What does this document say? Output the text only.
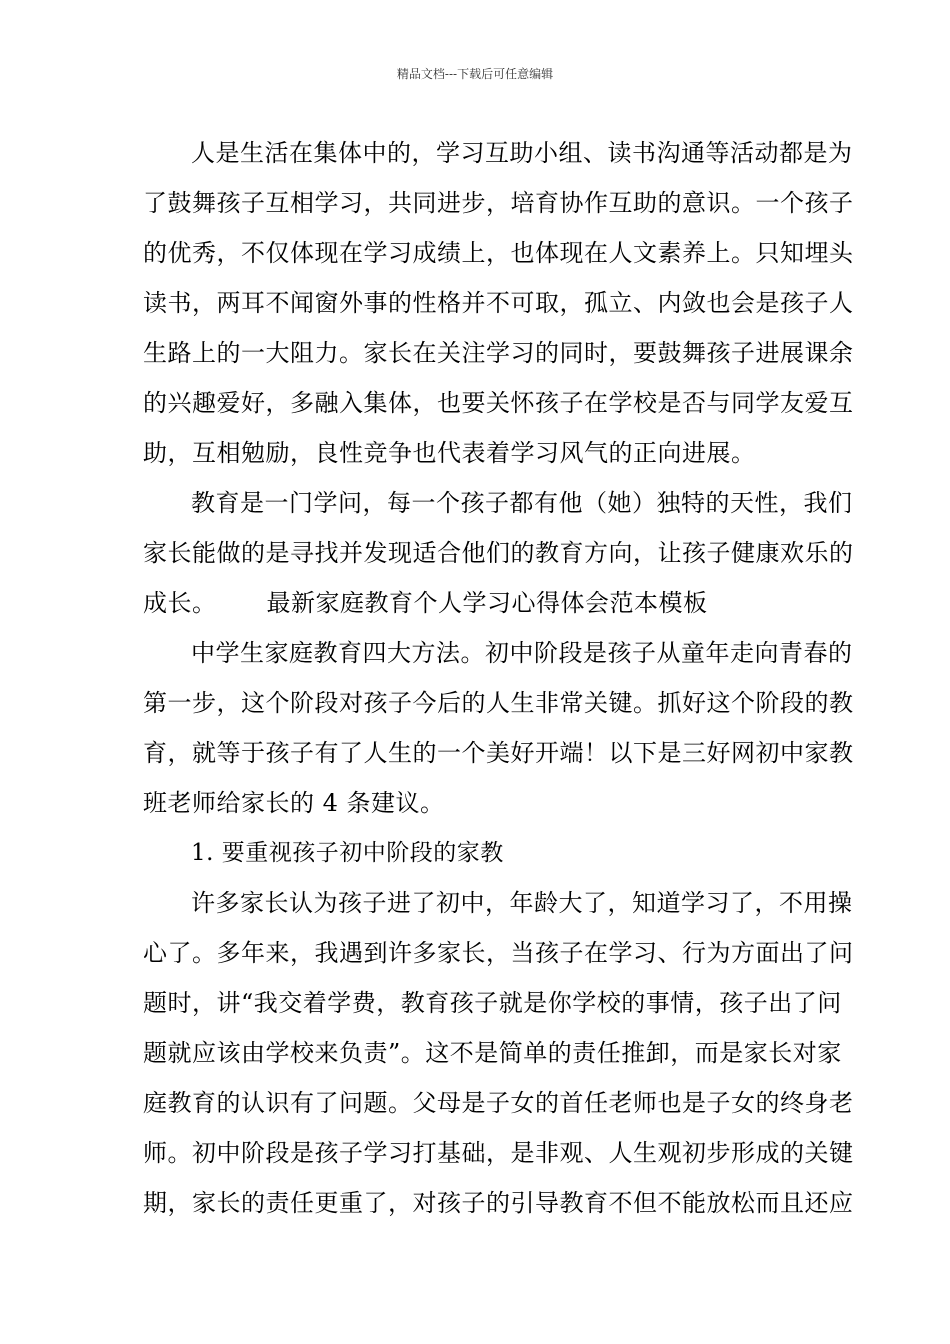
精品文档---下载后可任意编辑
人是生活在集体中的，学习互助小组、读书沟通等活动都是为
了鼓舞孩子互相学习，共同进步，培育协作互助的意识。一个孩子
的优秀，不仅体现在学习成绩上，也体现在人文素养上。只知埋头
读书，两耳不闻窗外事的性格并不可取，孤立、内敛也会是孩子人
生路上的一大阻力。家长在关注学习的同时，要鼓舞孩子进展课余
的兴趣爱好，多融入集体，也要关怀孩子在学校是否与同学友爱互
助，互相勉励，良性竞争也代表着学习风气的正向进展。
教育是一门学问，每一个孩子都有他（她）独特的天性，我们
家长能做的是寻找并发现适合他们的教育方向，让孩子健康欢乐的
成长。 最新家庭教育个人学习心得体会范本模板
中学生家庭教育四大方法。初中阶段是孩子从童年走向青春的
第一步，这个阶段对孩子今后的人生非常关键。抓好这个阶段的教
育，就等于孩子有了人生的一个美好开端！以下是三好网初中家教
班老师给家长的 4 条建议。
1. 要重视孩子初中阶段的家教
许多家长认为孩子进了初中，年龄大了，知道学习了，不用操
心了。多年来，我遇到许多家长，当孩子在学习、行为方面出了问
题时，讲“我交着学费，教育孩子就是你学校的事情，孩子出了问
题就应该由学校来负责”。这不是简单的责任推卸，而是家长对家
庭教育的认识有了问题。父母是子女的首任老师也是子女的终身老
师。初中阶段是孩子学习打基础，是非观、人生观初步形成的关键
期，家长的责任更重了，对孩子的引导教育不但不能放松而且还应
